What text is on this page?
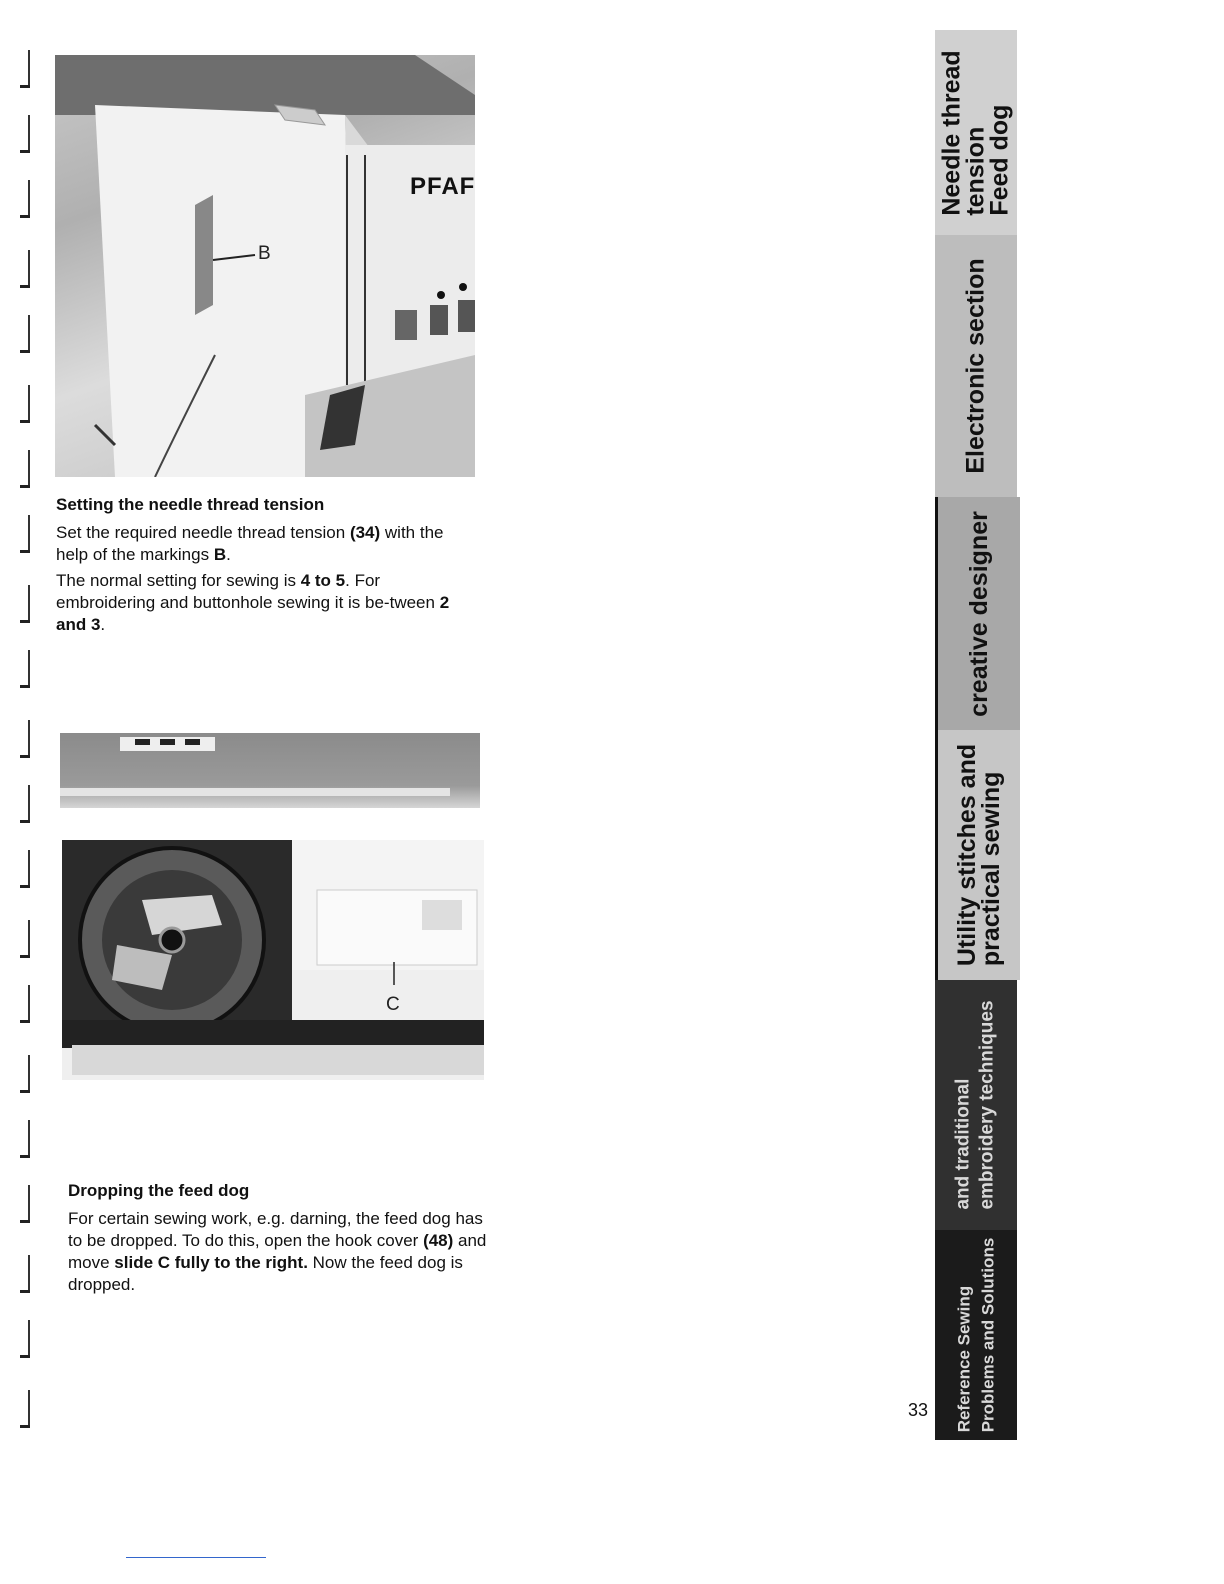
PFAF
B

Setting the needle thread tension

Set the required needle thread tension (34) with the help of the markings B.

The normal setting for sewing is 4 to 5. For embroidering and buttonhole sewing it is be-tween 2 and 3.

C

Dropping the feed dog

For certain sewing work, e.g. darning, the feed dog has to be dropped. To do this, open the hook cover (48) and move slide C fully to the right. Now the feed dog is dropped.

33
Needle thread
tension
Feed dog
Electronic section
creative designer
Utility stitches and
practical sewing
and traditional embroidery techniques
Reference Sewing Problems and Solutions
